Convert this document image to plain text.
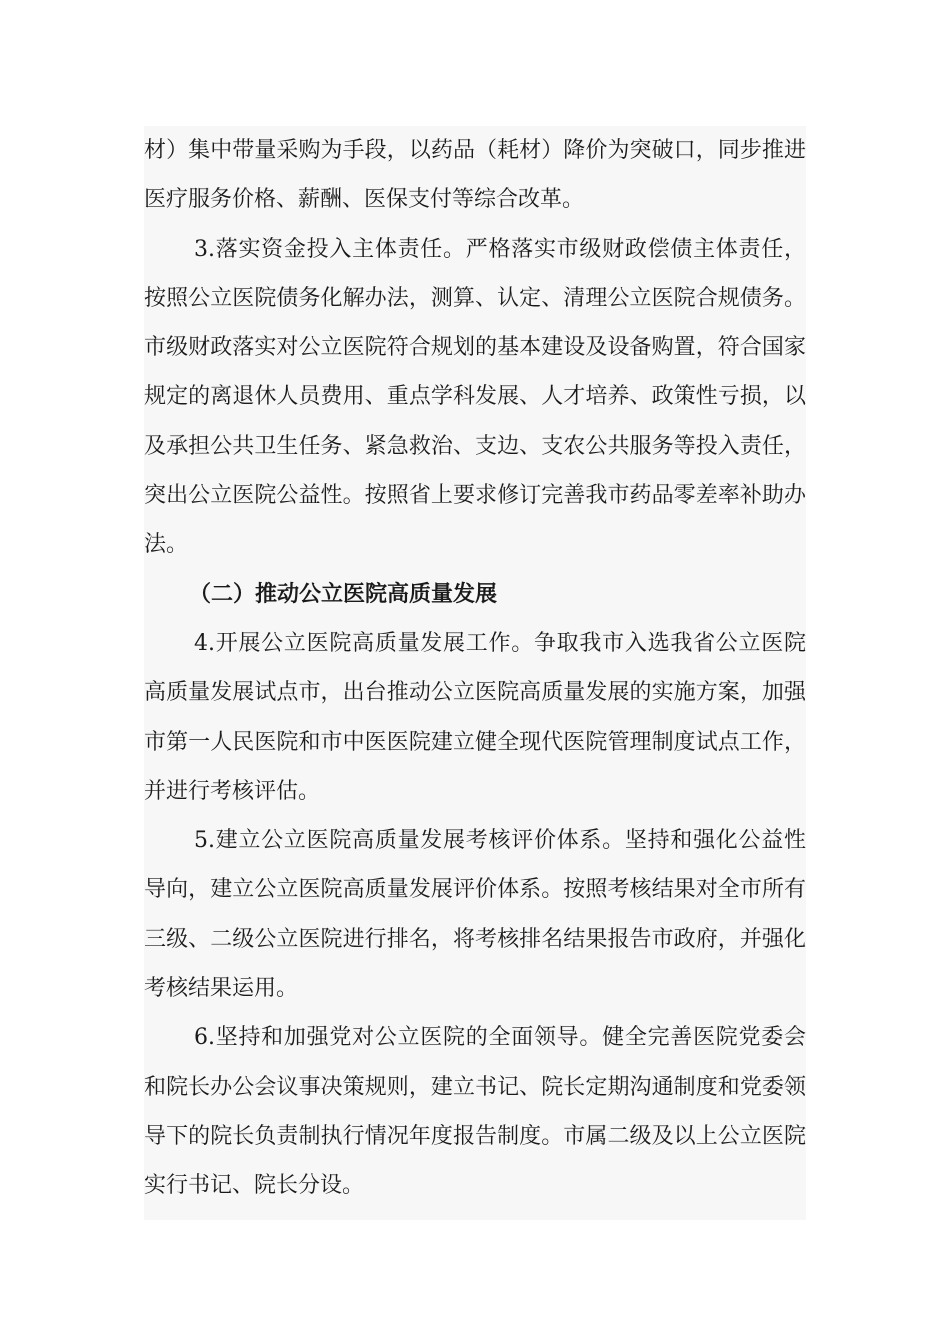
材）集中带量采购为手段，以药品（耗材）降价为突破口，同步推进医疗服务价格、薪酬、医保支付等综合改革。

3.落实资金投入主体责任。严格落实市级财政偿债主体责任，按照公立医院债务化解办法，测算、认定、清理公立医院合规债务。市级财政落实对公立医院符合规划的基本建设及设备购置，符合国家规定的离退休人员费用、重点学科发展、人才培养、政策性亏损，以及承担公共卫生任务、紧急救治、支边、支农公共服务等投入责任，突出公立医院公益性。按照省上要求修订完善我市药品零差率补助办法。

（二）推动公立医院高质量发展

4.开展公立医院高质量发展工作。争取我市入选我省公立医院高质量发展试点市，出台推动公立医院高质量发展的实施方案，加强市第一人民医院和市中医医院建立健全现代医院管理制度试点工作，并进行考核评估。

5.建立公立医院高质量发展考核评价体系。坚持和强化公益性导向，建立公立医院高质量发展评价体系。按照考核结果对全市所有三级、二级公立医院进行排名，将考核排名结果报告市政府，并强化考核结果运用。

6.坚持和加强党对公立医院的全面领导。健全完善医院党委会和院长办公会议事决策规则，建立书记、院长定期沟通制度和党委领导下的院长负责制执行情况年度报告制度。市属二级及以上公立医院实行书记、院长分设。
